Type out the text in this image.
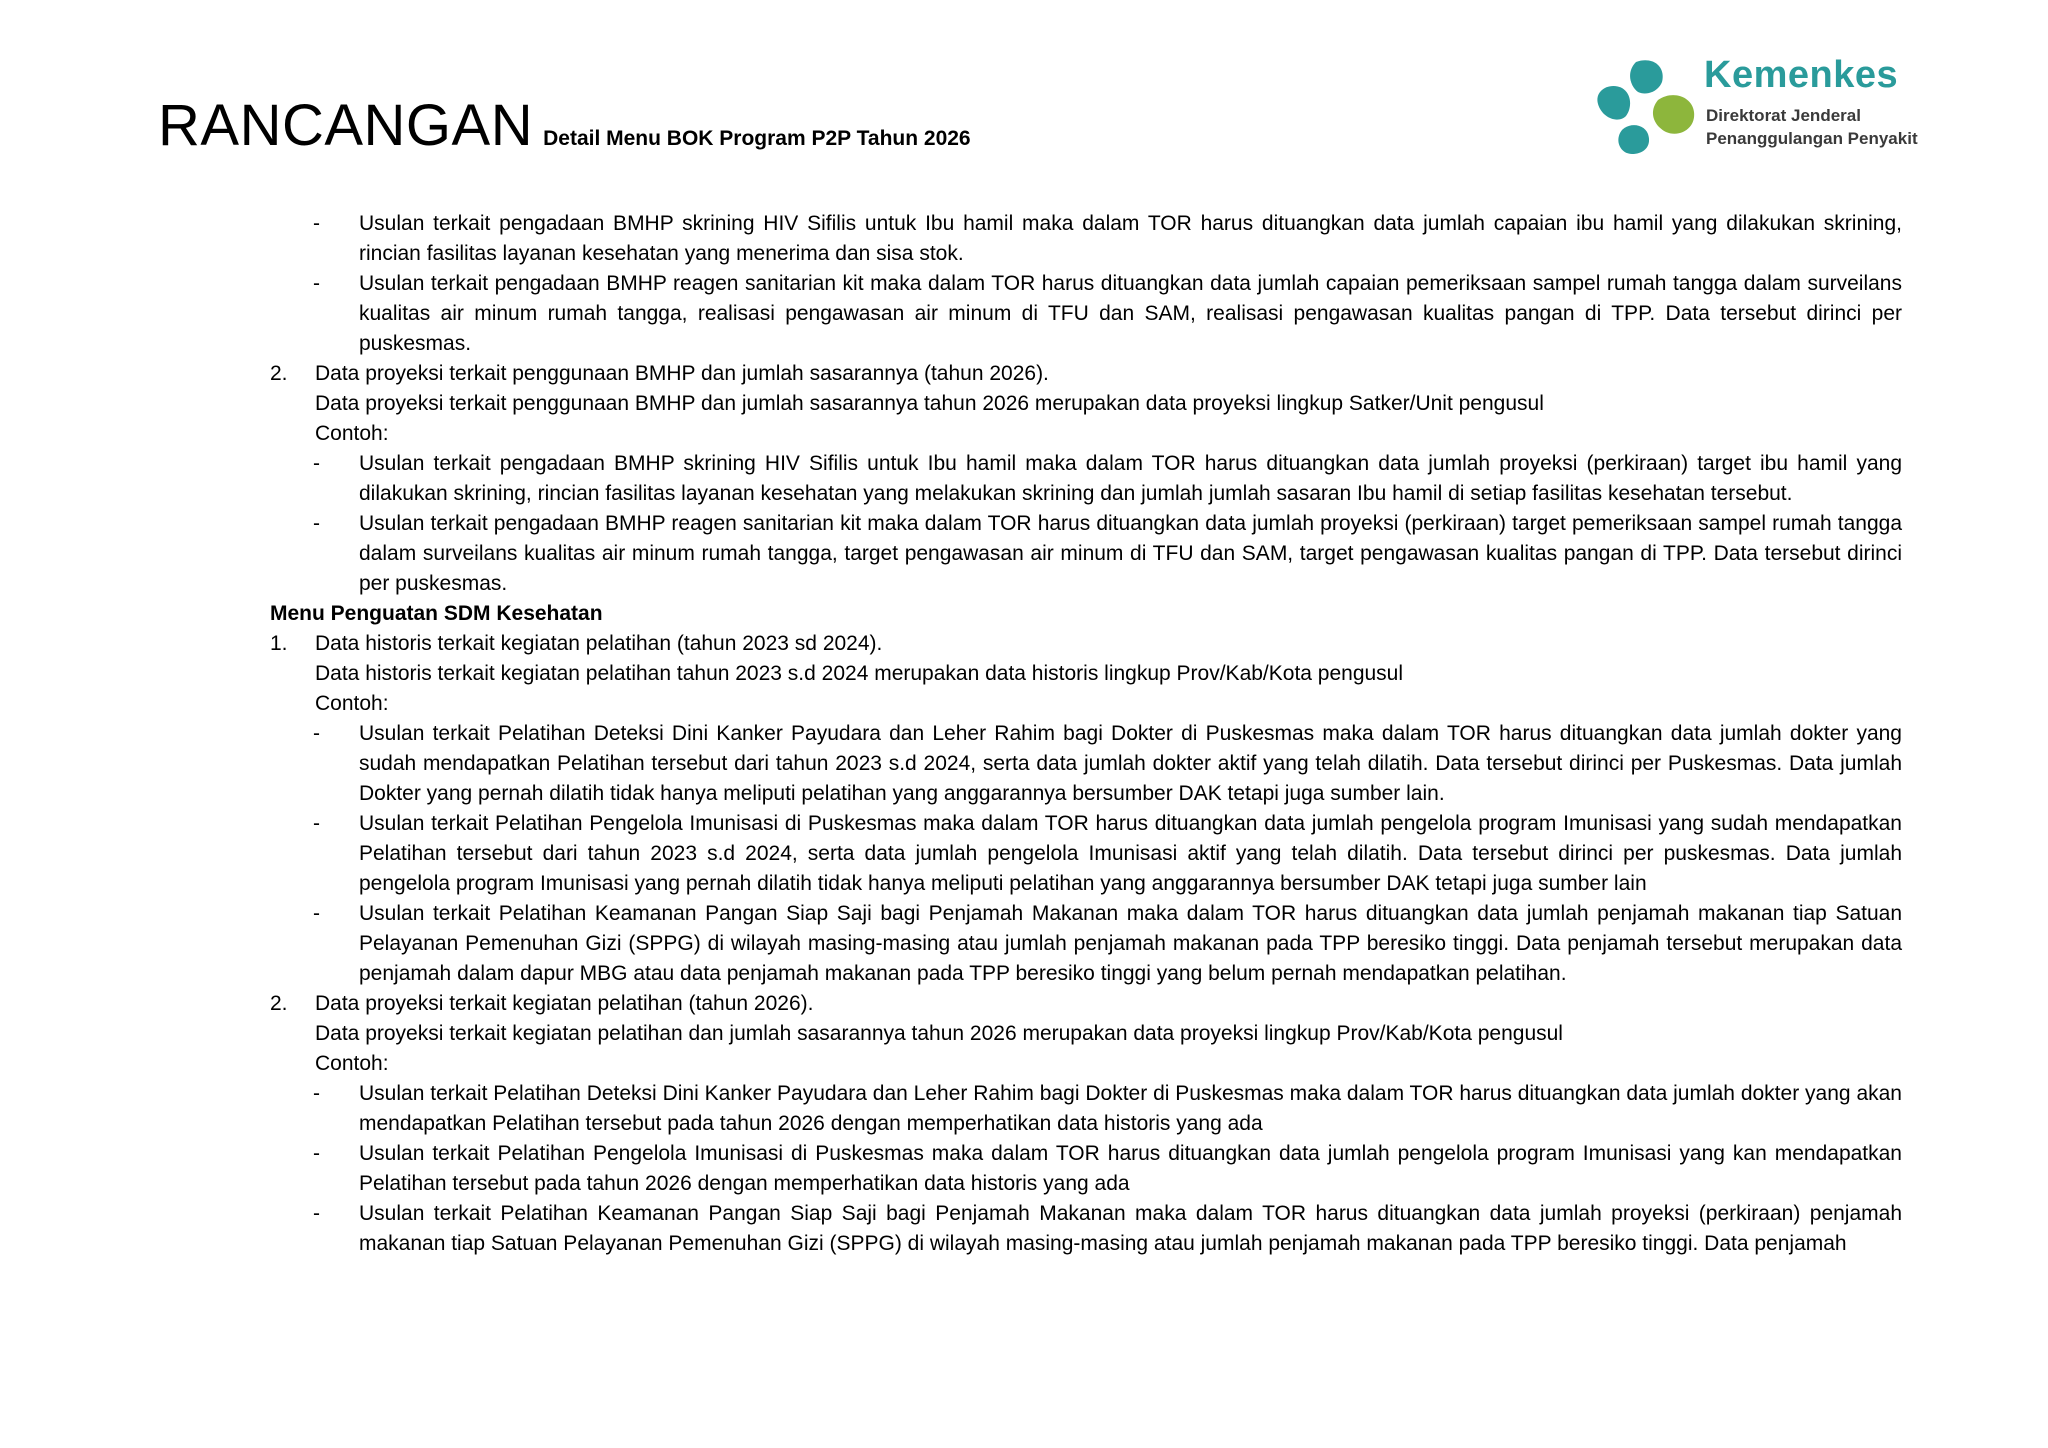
RANCANGAN Detail Menu BOK Program P2P Tahun 2026
Kemenkes
Direktorat Jenderal
Penanggulangan Penyakit

- Usulan terkait pengadaan BMHP skrining HIV Sifilis untuk Ibu hamil maka dalam TOR harus dituangkan data jumlah capaian ibu hamil yang dilakukan skrining, rincian fasilitas layanan kesehatan yang menerima dan sisa stok.

- Usulan terkait pengadaan BMHP reagen sanitarian kit maka dalam TOR harus dituangkan data jumlah capaian pemeriksaan sampel rumah tangga dalam surveilans kualitas air minum rumah tangga, realisasi pengawasan air minum di TFU dan SAM, realisasi pengawasan kualitas pangan di TPP. Data tersebut dirinci per puskesmas.

2. Data proyeksi terkait penggunaan BMHP dan jumlah sasarannya (tahun 2026).

Data proyeksi terkait penggunaan BMHP dan jumlah sasarannya tahun 2026 merupakan data proyeksi lingkup Satker/Unit pengusul

Contoh:

- Usulan terkait pengadaan BMHP skrining HIV Sifilis untuk Ibu hamil maka dalam TOR harus dituangkan data jumlah proyeksi (perkiraan) target ibu hamil yang dilakukan skrining, rincian fasilitas layanan kesehatan yang melakukan skrining dan jumlah jumlah sasaran Ibu hamil di setiap fasilitas kesehatan tersebut.

- Usulan terkait pengadaan BMHP reagen sanitarian kit maka dalam TOR harus dituangkan data jumlah proyeksi (perkiraan) target pemeriksaan sampel rumah tangga dalam surveilans kualitas air minum rumah tangga, target pengawasan air minum di TFU dan SAM, target pengawasan kualitas pangan di TPP. Data tersebut dirinci per puskesmas.

Menu Penguatan SDM Kesehatan

1. Data historis terkait kegiatan pelatihan (tahun 2023 sd 2024).

Data historis terkait kegiatan pelatihan tahun 2023 s.d 2024 merupakan data historis lingkup Prov/Kab/Kota pengusul

Contoh:

- Usulan terkait Pelatihan Deteksi Dini Kanker Payudara dan Leher Rahim bagi Dokter di Puskesmas maka dalam TOR harus dituangkan data jumlah dokter yang sudah mendapatkan Pelatihan tersebut dari tahun 2023 s.d 2024, serta data jumlah dokter aktif yang telah dilatih. Data tersebut dirinci per Puskesmas. Data jumlah Dokter yang pernah dilatih tidak hanya meliputi pelatihan yang anggarannya bersumber DAK tetapi juga sumber lain.

- Usulan terkait Pelatihan Pengelola Imunisasi di Puskesmas maka dalam TOR harus dituangkan data jumlah pengelola program Imunisasi yang sudah mendapatkan Pelatihan tersebut dari tahun 2023 s.d 2024, serta data jumlah pengelola Imunisasi aktif yang telah dilatih. Data tersebut dirinci per puskesmas. Data jumlah pengelola program Imunisasi yang pernah dilatih tidak hanya meliputi pelatihan yang anggarannya bersumber DAK tetapi juga sumber lain

- Usulan terkait Pelatihan Keamanan Pangan Siap Saji bagi Penjamah Makanan maka dalam TOR harus dituangkan data jumlah penjamah makanan tiap Satuan Pelayanan Pemenuhan Gizi (SPPG) di wilayah masing-masing atau jumlah penjamah makanan pada TPP beresiko tinggi. Data penjamah tersebut merupakan data penjamah dalam dapur MBG atau data penjamah makanan pada TPP beresiko tinggi yang belum pernah mendapatkan pelatihan.

2. Data proyeksi terkait kegiatan pelatihan (tahun 2026).

Data proyeksi terkait kegiatan pelatihan dan jumlah sasarannya tahun 2026 merupakan data proyeksi lingkup Prov/Kab/Kota pengusul

Contoh:

- Usulan terkait Pelatihan Deteksi Dini Kanker Payudara dan Leher Rahim bagi Dokter di Puskesmas maka dalam TOR harus dituangkan data jumlah dokter yang akan mendapatkan Pelatihan tersebut pada tahun 2026 dengan memperhatikan data historis yang ada

- Usulan terkait Pelatihan Pengelola Imunisasi di Puskesmas maka dalam TOR harus dituangkan data jumlah pengelola program Imunisasi yang kan mendapatkan Pelatihan tersebut pada tahun 2026 dengan memperhatikan data historis yang ada

- Usulan terkait Pelatihan Keamanan Pangan Siap Saji bagi Penjamah Makanan maka dalam TOR harus dituangkan data jumlah proyeksi (perkiraan) penjamah makanan tiap Satuan Pelayanan Pemenuhan Gizi (SPPG) di wilayah masing-masing atau jumlah penjamah makanan pada TPP beresiko tinggi. Data penjamah
